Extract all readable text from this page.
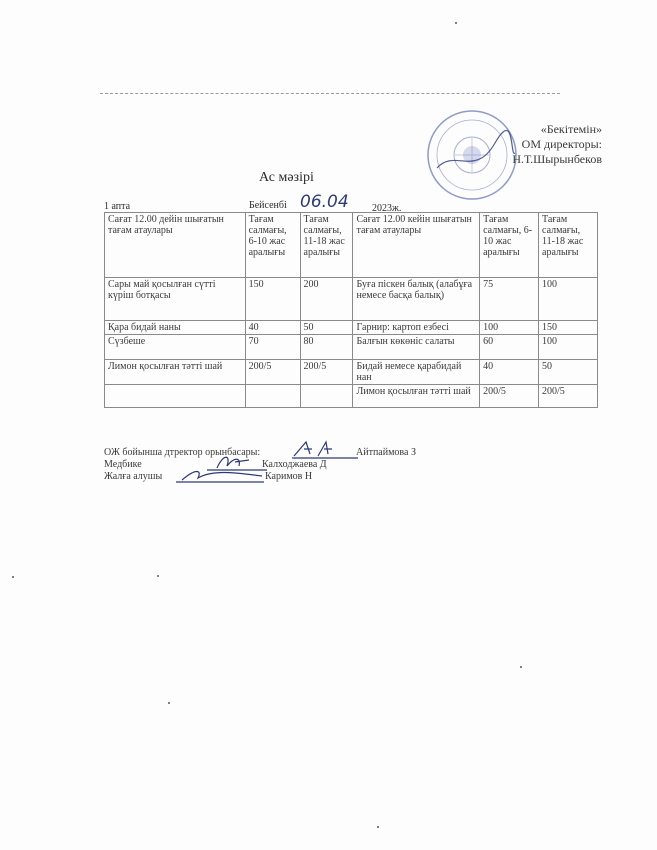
«Бекітемін»
ОМ директоры:
Н.Т.Шырынбеков
Ас мәзірі
1 апта	Бейсенбі 06.04 2023ж.
Сағат 12.00 дейін шығатын тағам атаулары	Тағам салмағы, 6-10 жас аралығы	Тағам салмағы, 11-18 жас аралығы	Сағат 12.00 кейін шығатын тағам атаулары	Тағам салмағы, 6-10 жас аралығы	Тағам салмағы, 11-18 жас аралығы
Сары май қосылған сүтті күріш ботқасы	150	200	Буға піскен балық (алабұға немесе басқа балық)	75	100
Қара бидай наны	40	50	Гарнир: картоп езбесі	100	150
Сүзбеше	70	80	Балғын көкөніс салаты	60	100
Лимон қосылған тәтті шай	200/5	200/5	Бидай немесе қарабидай нан	40	50
			Лимон қосылған тәтті шай	200/5	200/5
ОЖ бойынша дтректор орынбасары:	Айтпаймова З
Медбике	Калходжаева Д
Жалға алушы	Каримов Н
